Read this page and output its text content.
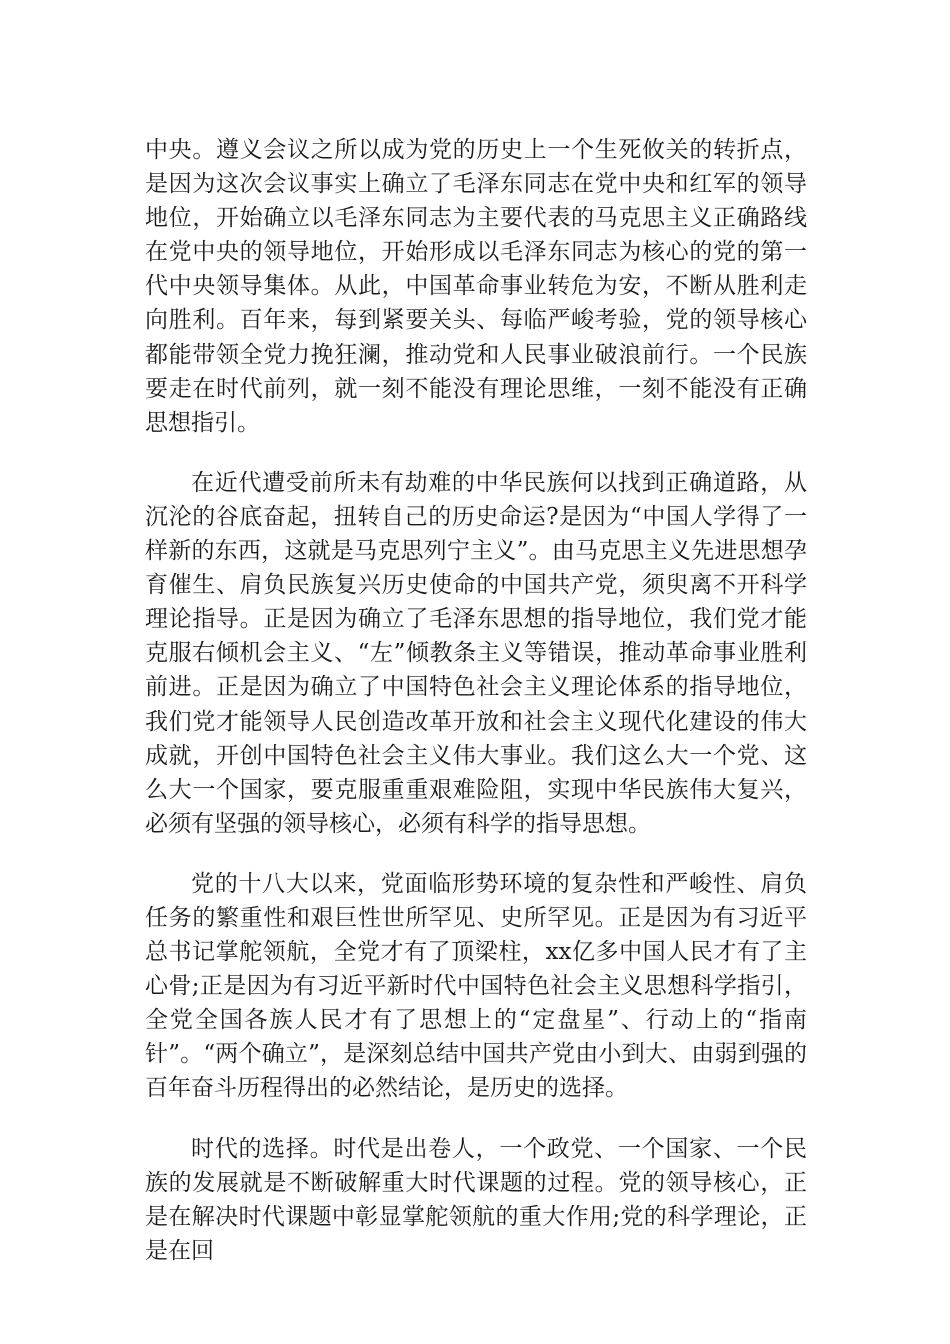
中央。遵义会议之所以成为党的历史上一个生死攸关的转折点，是因为这次会议事实上确立了毛泽东同志在党中央和红军的领导地位，开始确立以毛泽东同志为主要代表的马克思主义正确路线在党中央的领导地位，开始形成以毛泽东同志为核心的党的第一代中央领导集体。从此，中国革命事业转危为安，不断从胜利走向胜利。百年来，每到紧要关头、每临严峻考验，党的领导核心都能带领全党力挽狂澜，推动党和人民事业破浪前行。一个民族要走在时代前列，就一刻不能没有理论思维，一刻不能没有正确思想指引。

在近代遭受前所未有劫难的中华民族何以找到正确道路，从沉沦的谷底奋起，扭转自己的历史命运?是因为“中国人学得了一样新的东西，这就是马克思列宁主义”。由马克思主义先进思想孕育催生、肩负民族复兴历史使命的中国共产党，须臾离不开科学理论指导。正是因为确立了毛泽东思想的指导地位，我们党才能克服右倾机会主义、“左”倾教条主义等错误，推动革命事业胜利前进。正是因为确立了中国特色社会主义理论体系的指导地位，我们党才能领导人民创造改革开放和社会主义现代化建设的伟大成就，开创中国特色社会主义伟大事业。我们这么大一个党、这么大一个国家，要克服重重艰难险阻，实现中华民族伟大复兴，必须有坚强的领导核心，必须有科学的指导思想。

党的十八大以来，党面临形势环境的复杂性和严峻性、肩负任务的繁重性和艰巨性世所罕见、史所罕见。正是因为有习近平总书记掌舵领航，全党才有了顶梁柱，xx亿多中国人民才有了主心骨;正是因为有习近平新时代中国特色社会主义思想科学指引，全党全国各族人民才有了思想上的“定盘星”、行动上的“指南针”。“两个确立”，是深刻总结中国共产党由小到大、由弱到强的百年奋斗历程得出的必然结论，是历史的选择。

时代的选择。时代是出卷人，一个政党、一个国家、一个民族的发展就是不断破解重大时代课题的过程。党的领导核心，正是在解决时代课题中彰显掌舵领航的重大作用;党的科学理论，正是在回
